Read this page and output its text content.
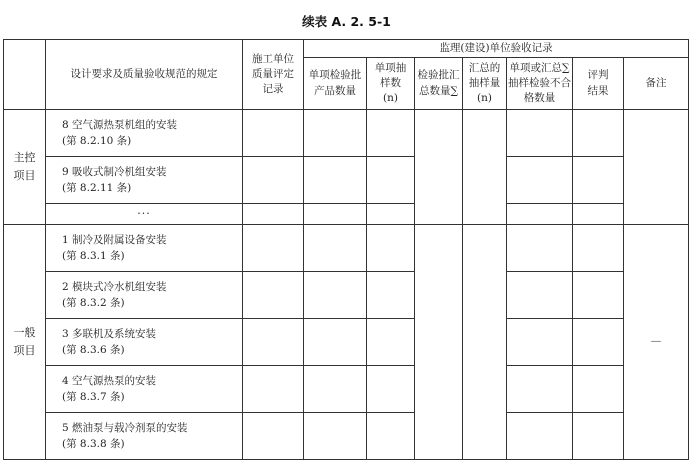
续表 A. 2. 5-1
	设计要求及质量验收规范的规定	施工单位质量评定记录	监理(建设)单位验收记录						
			单项检验批产品数量	单项抽样数(n)	检验批汇总数量∑	汇总的抽样量(n)	单项或汇总∑抽样检验不合格数量	评判结果	备注
主控项目	8 空气源热泵机组的安装
(第 8.2.10 条)								

	9 吸收式制冷机组安装
(第 8.2.11 条)								

	···								
一般项目	1 制冷及附属设备安装
(第 8.3.1 条)								—

	2 模块式冷水机组安装
(第 8.3.2 条)								

	3 多联机及系统安装
(第 8.3.6 条)								

	4 空气源热泵的安装
(第 8.3.7 条)								

	5 燃油泵与载冷剂泵的安装
(第 8.3.8 条)								
